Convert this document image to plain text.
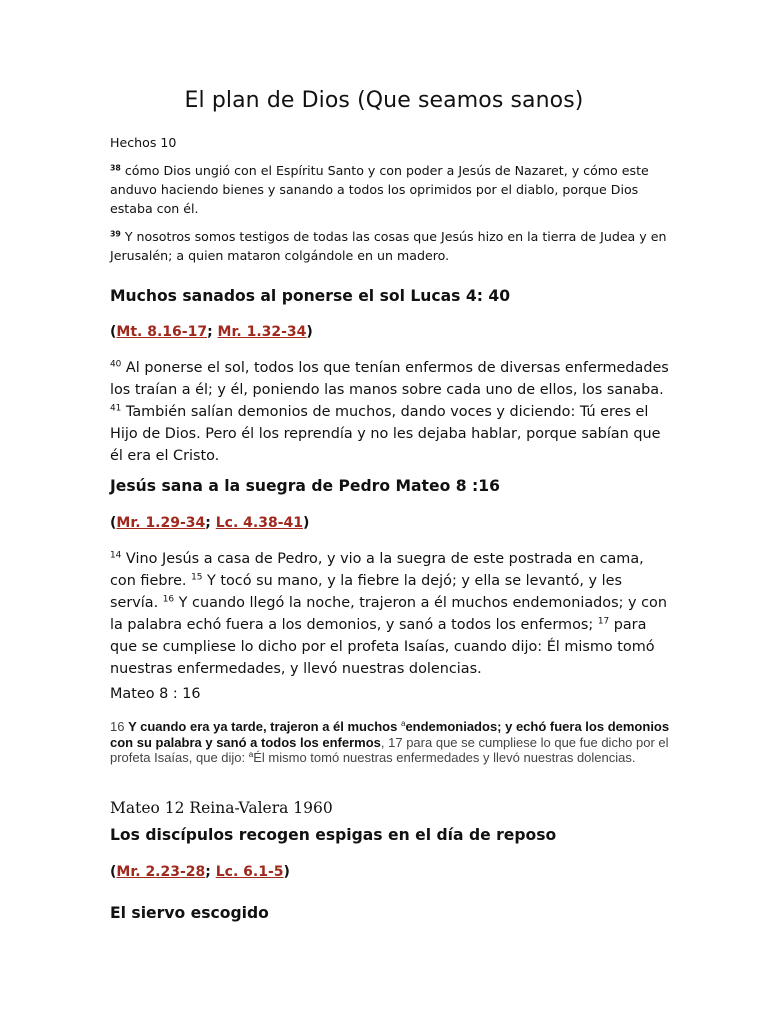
El plan de Dios (Que seamos sanos)

Hechos 10

$^{38}$ cómo Dios ungió con el Espíritu Santo y con poder a Jesús de Nazaret, y cómo este anduvo haciendo bienes y sanando a todos los oprimidos por el diablo, porque Dios estaba con él.

$^{39}$ Y nosotros somos testigos de todas las cosas que Jesús hizo en la tierra de Judea y en Jerusalén; a quien mataron colgándole en un madero.

Muchos sanados al ponerse el sol Lucas 4: 40

(Mt. 8.16-17; Mr. 1.32-34)

$^{40}$ Al ponerse el sol, todos los que tenían enfermos de diversas enfermedades los traían a él; y él, poniendo las manos sobre cada uno de ellos, los sanaba. $^{41}$ También salían demonios de muchos, dando voces y diciendo: Tú eres el Hijo de Dios. Pero él los reprendía y no les dejaba hablar, porque sabían que él era el Cristo.

Jesús sana a la suegra de Pedro Mateo 8 :16

(Mr. 1.29-34; Lc. 4.38-41)

$^{14}$ Vino Jesús a casa de Pedro, y vio a la suegra de este postrada en cama, con fiebre. $^{15}$ Y tocó su mano, y la fiebre la dejó; y ella se levantó, y les servía. $^{16}$ Y cuando llegó la noche, trajeron a él muchos endemoniados; y con la palabra echó fuera a los demonios, y sanó a todos los enfermos; $^{17}$ para que se cumpliese lo dicho por el profeta Isaías, cuando dijo: Él mismo tomó nuestras enfermedades, y llevó nuestras dolencias.

Mateo 8 : 16

16 Y cuando era ya tarde, trajeron a él muchos $^a$endemoniados; y echó fuera los demonios con su palabra y sanó a todos los enfermos, 17 para que se cumpliese lo que fue dicho por el profeta Isaías, que dijo: $^a$Él mismo tomó nuestras enfermedades y llevó nuestras dolencias.

Mateo 12 Reina-Valera 1960

Los discípulos recogen espigas en el día de reposo

(Mr. 2.23-28; Lc. 6.1-5)

El siervo escogido
